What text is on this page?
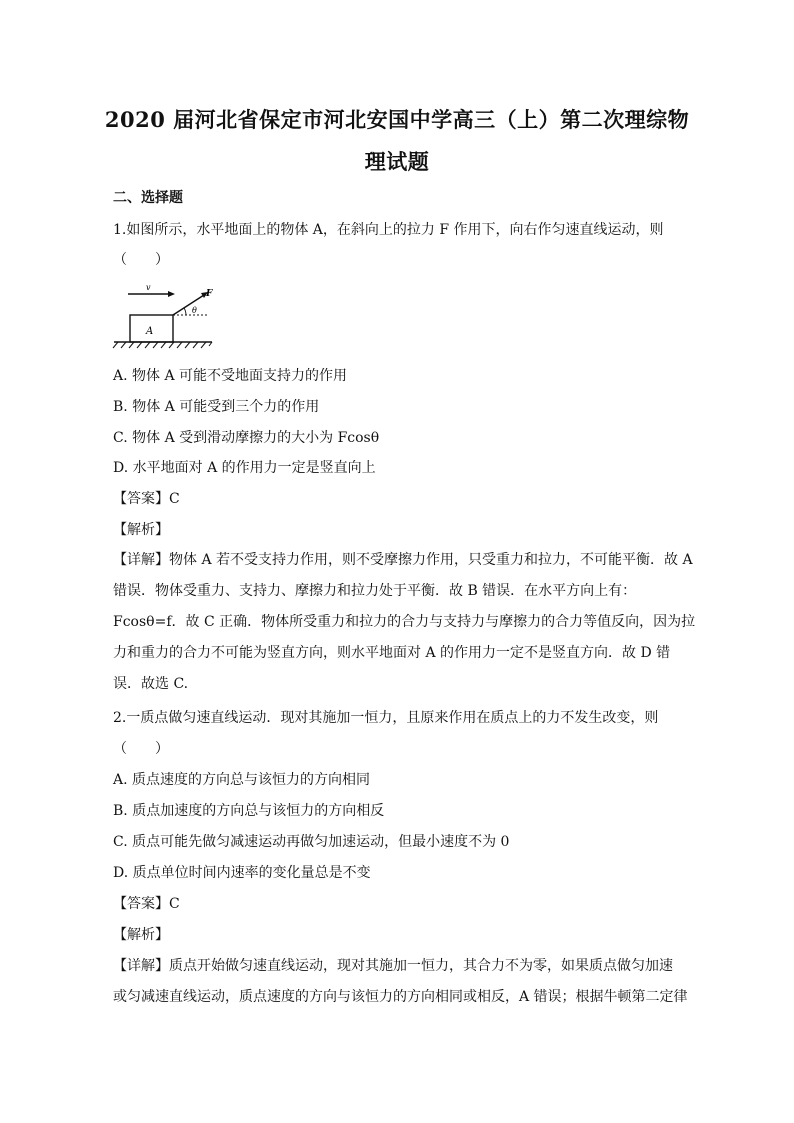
2020 届河北省保定市河北安国中学高三（上）第二次理综物
理试题
二、选择题
1.如图所示，水平地面上的物体 A，在斜向上的拉力 F 作用下，向右作匀速直线运动，则
（　　）
v
A
F
θ
A. 物体 A 可能不受地面支持力的作用
B. 物体 A 可能受到三个力的作用
C. 物体 A 受到滑动摩擦力的大小为 Fcosθ
D. 水平地面对 A 的作用力一定是竖直向上
【答案】C
【解析】
【详解】物体 A 若不受支持力作用，则不受摩擦力作用，只受重力和拉力，不可能平衡．故 A
错误．物体受重力、支持力、摩擦力和拉力处于平衡．故 B 错误．在水平方向上有：
Fcosθ=f．故 C 正确．物体所受重力和拉力的合力与支持力与摩擦力的合力等值反向，因为拉
力和重力的合力不可能为竖直方向，则水平地面对 A 的作用力一定不是竖直方向．故 D 错
误．故选 C.
2.一质点做匀速直线运动．现对其施加一恒力，且原来作用在质点上的力不发生改变，则
（　　）
A. 质点速度的方向总与该恒力的方向相同
B. 质点加速度的方向总与该恒力的方向相反
C. 质点可能先做匀减速运动再做匀加速运动，但最小速度不为 0
D. 质点单位时间内速率的变化量总是不变
【答案】C
【解析】
【详解】质点开始做匀速直线运动，现对其施加一恒力，其合力不为零，如果质点做匀加速
或匀减速直线运动，质点速度的方向与该恒力的方向相同或相反，A 错误；根据牛顿第二定律
